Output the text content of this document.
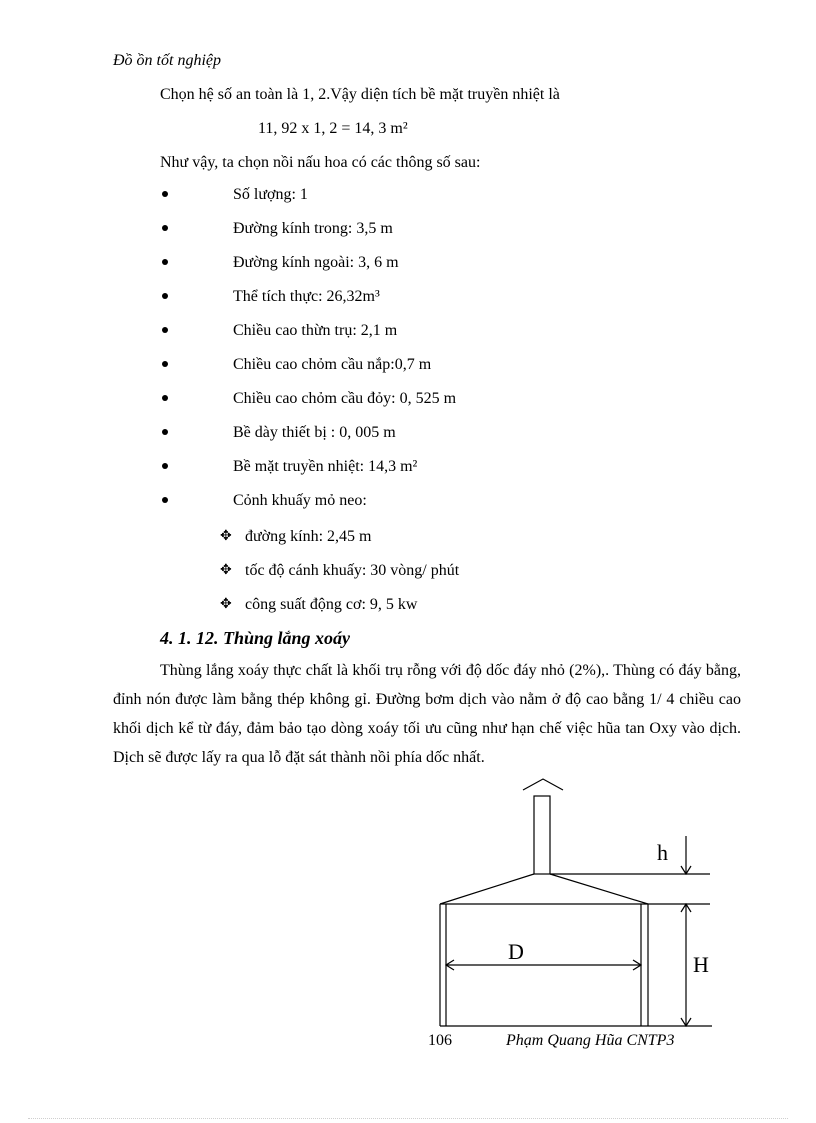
Đồ ồn tốt nghiệp
Chọn hệ số an toàn là 1, 2.Vậy diện tích bề mặt truyền nhiệt là
11, 92 x 1, 2 = 14, 3 m²
Như vậy, ta chọn nồi nấu hoa có các thông số sau:
Số lượng: 1
Đường kính trong: 3,5 m
Đường kính ngoài: 3, 6 m
Thể tích thực: 26,32m³
Chiều cao thừn trụ: 2,1 m
Chiều cao chỏm cầu nắp:0,7 m
Chiều cao chỏm cầu đỏy: 0, 525 m
Bề dày thiết bị : 0, 005 m
Bề mặt truyền nhiệt: 14,3 m²
Cỏnh khuấy mỏ neo:
✥ đường kính: 2,45 m
✥ tốc độ cánh khuấy: 30 vòng/ phút
✥ công suất động cơ: 9, 5 kw
4. 1. 12. Thùng lắng xoáy
Thùng lắng xoáy thực chất là khối trụ rỗng với độ dốc đáy nhỏ (2%),. Thùng có đáy bằng, đỉnh nón được làm bằng thép không gỉ. Đường bơm dịch vào nằm ở độ cao bằng 1/ 4 chiều cao khối dịch kể từ đáy, đảm bảo tạo dòng xoáy tối ưu cũng như hạn chế việc hũa tan Oxy vào dịch. Dịch sẽ được lấy ra qua lỗ đặt sát thành nồi phía dốc nhất.
h
H
D
106	Phạm Quang Hũa CNTP3
